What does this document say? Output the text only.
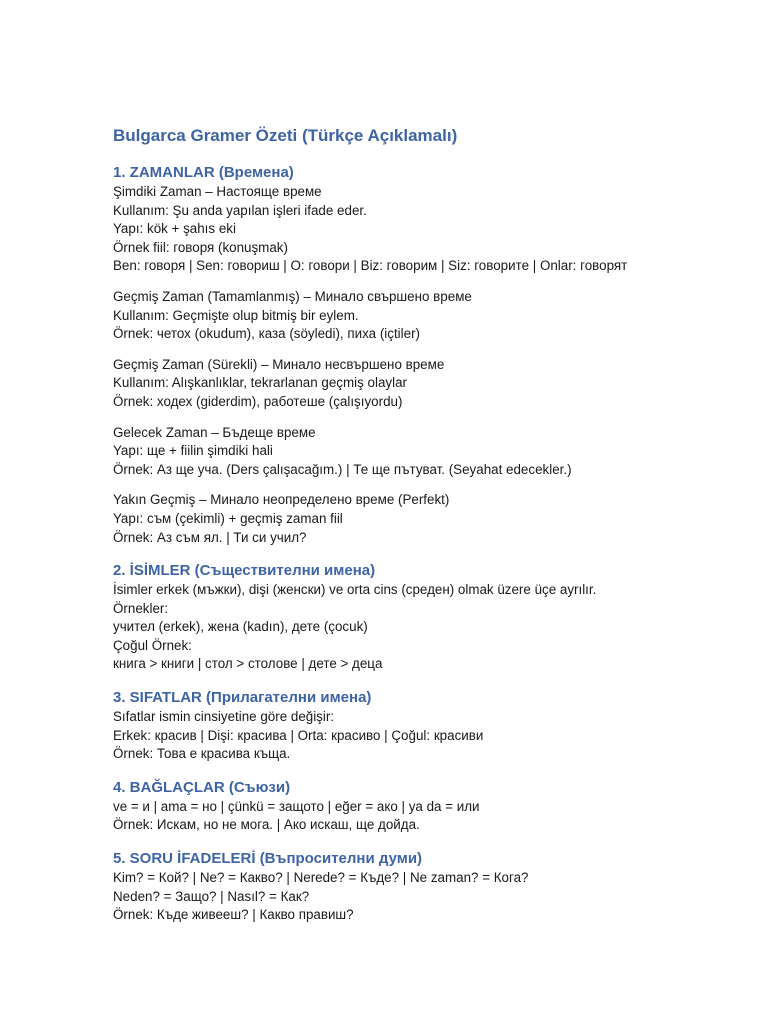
Bulgarca Gramer Özeti (Türkçe Açıklamalı)
1. ZAMANLAR (Времена)

Şimdiki Zaman – Настояще време

Kullanım: Şu anda yapılan işleri ifade eder.

Yapı: kök + şahıs eki

Örnek fiil: говоря (konuşmak)

Ben: говоря | Sen: говориш | O: говори | Biz: говорим | Siz: говорите | Onlar: говорят

Geçmiş Zaman (Tamamlanmış) – Минало свършено време

Kullanım: Geçmişte olup bitmiş bir eylem.

Örnek: четох (okudum), каза (söyledi), пиха (içtiler)

Geçmiş Zaman (Sürekli) – Минало несвършено време

Kullanım: Alışkanlıklar, tekrarlanan geçmiş olaylar

Örnek: ходех (giderdim), работеше (çalışıyordu)

Gelecek Zaman – Бъдеще време

Yapı: ще + fiilin şimdiki hali

Örnek: Аз ще уча. (Ders çalışacağım.) | Те ще пътуват. (Seyahat edecekler.)

Yakın Geçmiş – Минало неопределено време (Perfekt)

Yapı: съм (çekimli) + geçmiş zaman fiil

Örnek: Аз съм ял. | Ти си учил?

2. İSİMLER (Съществителни имена)

İsimler erkek (мъжки), dişi (женски) ve orta cins (среден) olmak üzere üçe ayrılır.

Örnekler:

учител (erkek), жена (kadın), дете (çocuk)

Çoğul Örnek:

книга > книги | стол > столове | дете > деца

3. SIFATLAR (Прилагателни имена)

Sıfatlar ismin cinsiyetine göre değişir:

Erkek: красив | Dişi: красива | Orta: красиво | Çoğul: красиви

Örnek: Това е красива къща.

4. BAĞLAÇLAR (Съюзи)

ve = и | ama = но | çünkü = защото | eğer = ако | ya da = или

Örnek: Искам, но не мога. | Ако искаш, ще дойда.

5. SORU İFADELERİ (Въпросителни думи)

Kim? = Кой? | Ne? = Какво? | Nerede? = Къде? | Ne zaman? = Кога?

Neden? = Защо? | Nasıl? = Как?

Örnek: Къде живееш? | Какво правиш?
